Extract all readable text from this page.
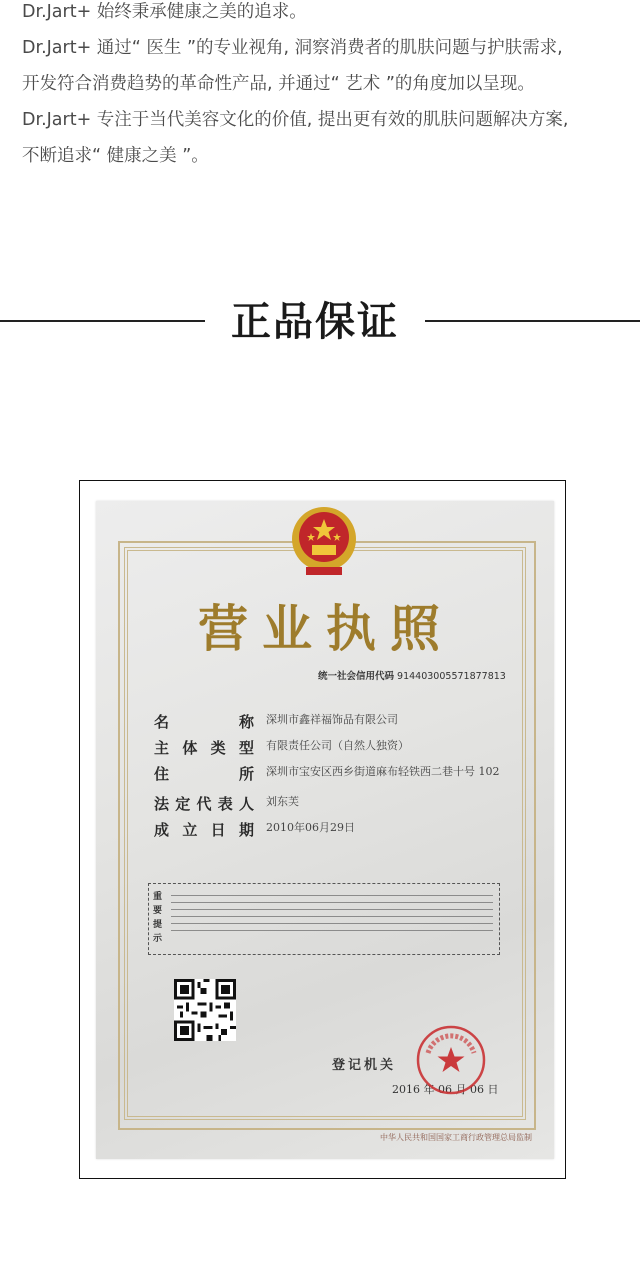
Dr.Jart+ 始终秉承健康之美的追求。

Dr.Jart+ 通过“ 医生 ”的专业视角, 洞察消费者的肌肤问题与护肤需求,

开发符合消费趋势的革命性产品, 并通过“ 艺术 ”的角度加以呈现。

Dr.Jart+ 专注于当代美容文化的价值, 提出更有效的肌肤问题解决方案,

不断追求“ 健康之美 ”。

正品保证
营业执照
统一社会信用代码 914403005571877813
名	称 深圳市鑫祥福饰品有限公司
主 体 类 型 有限责任公司（自然人独资）
住	所 深圳市宝安区西乡街道麻布轻铁西二巷十号 102
法 定 代 表 人 刘东芙
成 立 日 期 2010年06月29日
重要提示
登记机关
2016 年 06 月 06 日
中华人民共和国国家工商行政管理总局监制
